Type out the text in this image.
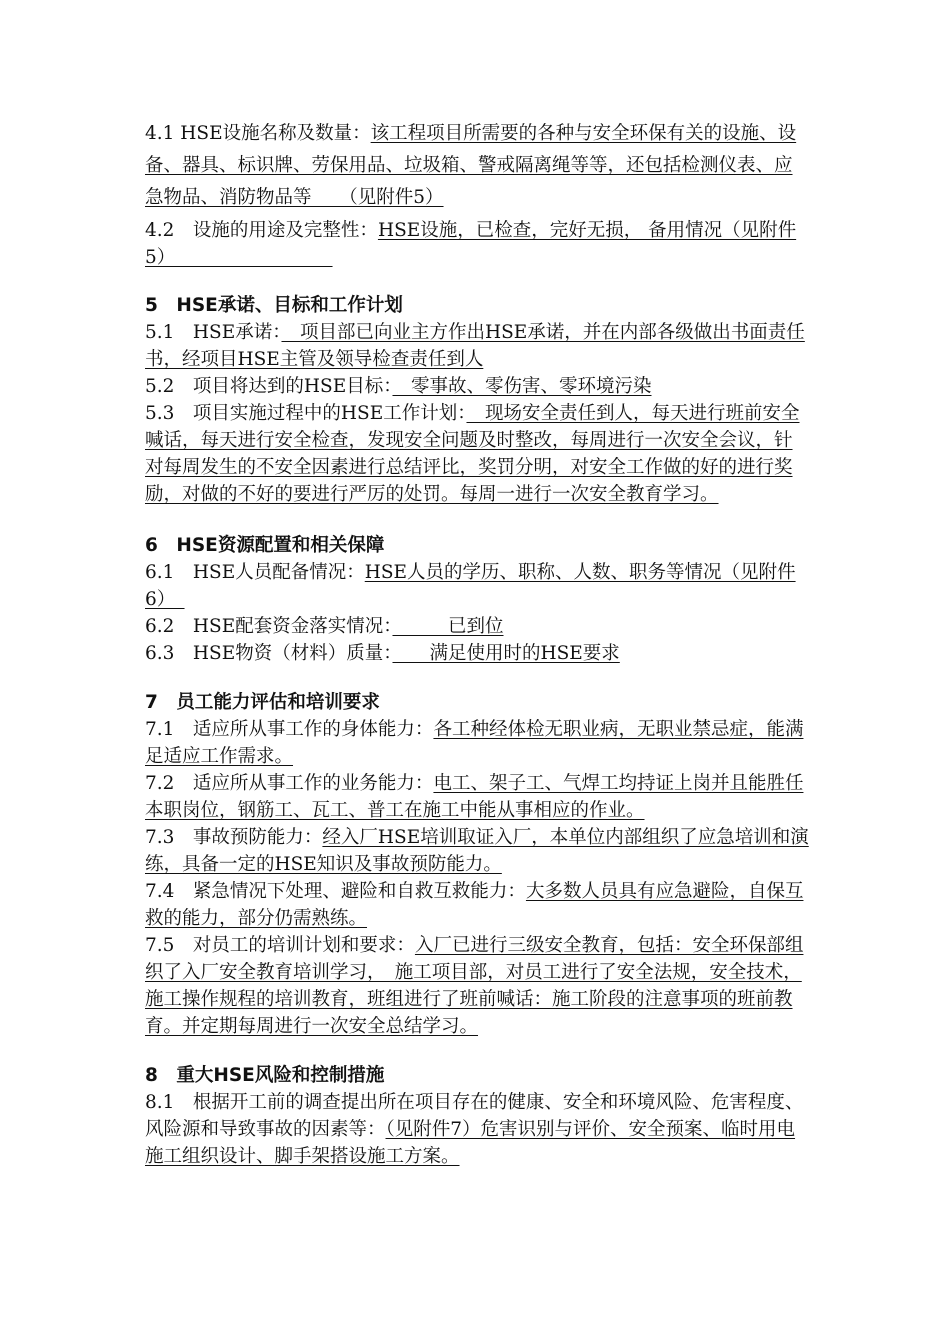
4.1 HSE设施名称及数量：该工程项目所需要的各种与安全环保有关的设施、设备、器具、标识牌、劳保用品、垃圾箱、警戒隔离绳等等，还包括检测仪表、应急物品、消防物品等　　（见附件5）

4.2　设施的用途及完整性：HSE设施，已检查，完好无损， 备用情况（见附件5）　　　　　　　　　

5　HSE承诺、目标和工作计划

5.1　HSE承诺：　项目部已向业主方作出HSE承诺，并在内部各级做出书面责任书，经项目HSE主管及领导检查责任到人

5.2　项目将达到的HSE目标：　零事故、零伤害、零环境污染

5.3　项目实施过程中的HSE工作计划：　现场安全责任到人，每天进行班前安全喊话，每天进行安全检查，发现安全问题及时整改，每周进行一次安全会议，针对每周发生的不安全因素进行总结评比，奖罚分明，对安全工作做的好的进行奖励，对做的不好的要进行严厉的处罚。每周一进行一次安全教育学习。

6　HSE资源配置和相关保障

6.1　HSE人员配备情况：HSE人员的学历、职称、人数、职务等情况（见附件6）　

6.2　HSE配套资金落实情况：　　　已到位

6.3　HSE物资（材料）质量：　　满足使用时的HSE要求

7　员工能力评估和培训要求

7.1　适应所从事工作的身体能力：各工种经体检无职业病，无职业禁忌症，能满足适应工作需求。

7.2　适应所从事工作的业务能力：电工、架子工、气焊工均持证上岗并且能胜任本职岗位，钢筋工、瓦工、普工在施工中能从事相应的作业。

7.3　事故预防能力：经入厂HSE培训取证入厂，本单位内部组织了应急培训和演练，具备一定的HSE知识及事故预防能力。

7.4　紧急情况下处理、避险和自救互救能力：大多数人员具有应急避险，自保互救的能力，部分仍需熟练。

7.5　对员工的培训计划和要求：入厂已进行三级安全教育，包括：安全环保部组织了入厂安全教育培训学习，　施工项目部，对员工进行了安全法规，安全技术，施工操作规程的培训教育，班组进行了班前喊话：施工阶段的注意事项的班前教育。并定期每周进行一次安全总结学习。

8　重大HSE风险和控制措施

8.1　根据开工前的调查提出所在项目存在的健康、安全和环境风险、危害程度、风险源和导致事故的因素等：（见附件7）危害识别与评价、安全预案、临时用电施工组织设计、脚手架搭设施工方案。
